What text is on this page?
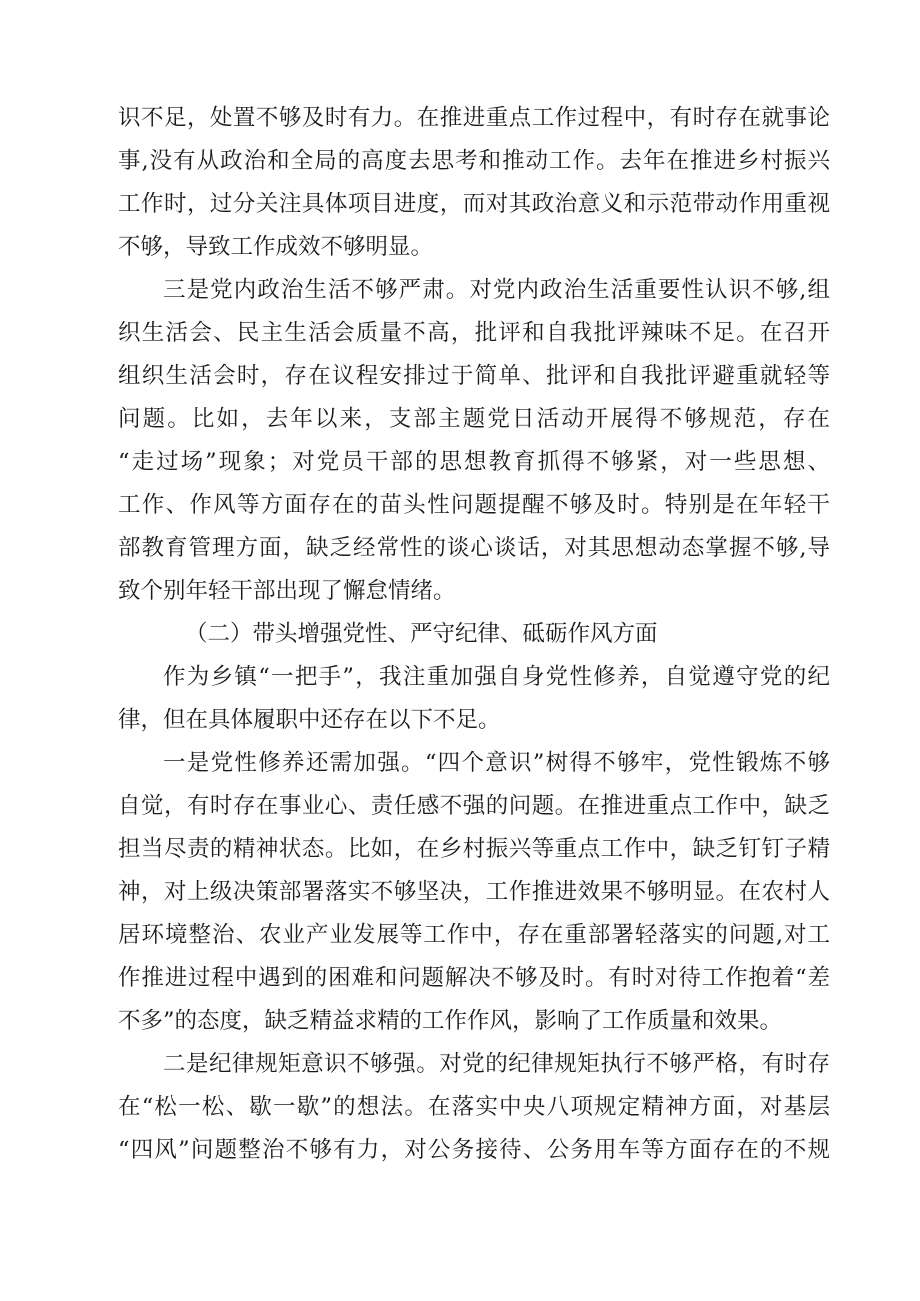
识不足，处置不够及时有力。在推进重点工作过程中，有时存在就事论
事,没有从政治和全局的高度去思考和推动工作。去年在推进乡村振兴
工作时，过分关注具体项目进度，而对其政治意义和示范带动作用重视
不够，导致工作成效不够明显。
三是党内政治生活不够严肃。对党内政治生活重要性认识不够,组
织生活会、民主生活会质量不高，批评和自我批评辣味不足。在召开
组织生活会时，存在议程安排过于简单、批评和自我批评避重就轻等
问题。比如，去年以来，支部主题党日活动开展得不够规范，存在
“走过场”现象；对党员干部的思想教育抓得不够紧，对一些思想、
工作、作风等方面存在的苗头性问题提醒不够及时。特别是在年轻干
部教育管理方面，缺乏经常性的谈心谈话，对其思想动态掌握不够,导
致个别年轻干部出现了懈怠情绪。
（二）带头增强党性、严守纪律、砥砺作风方面
作为乡镇“一把手”，我注重加强自身党性修养，自觉遵守党的纪
律，但在具体履职中还存在以下不足。
一是党性修养还需加强。“四个意识”树得不够牢，党性锻炼不够
自觉，有时存在事业心、责任感不强的问题。在推进重点工作中，缺乏
担当尽责的精神状态。比如，在乡村振兴等重点工作中，缺乏钉钉子精
神，对上级决策部署落实不够坚决，工作推进效果不够明显。在农村人
居环境整治、农业产业发展等工作中，存在重部署轻落实的问题,对工
作推进过程中遇到的困难和问题解决不够及时。有时对待工作抱着“差
不多”的态度，缺乏精益求精的工作作风，影响了工作质量和效果。
二是纪律规矩意识不够强。对党的纪律规矩执行不够严格，有时存
在“松一松、歇一歇”的想法。在落实中央八项规定精神方面，对基层
“四风”问题整治不够有力，对公务接待、公务用车等方面存在的不规
